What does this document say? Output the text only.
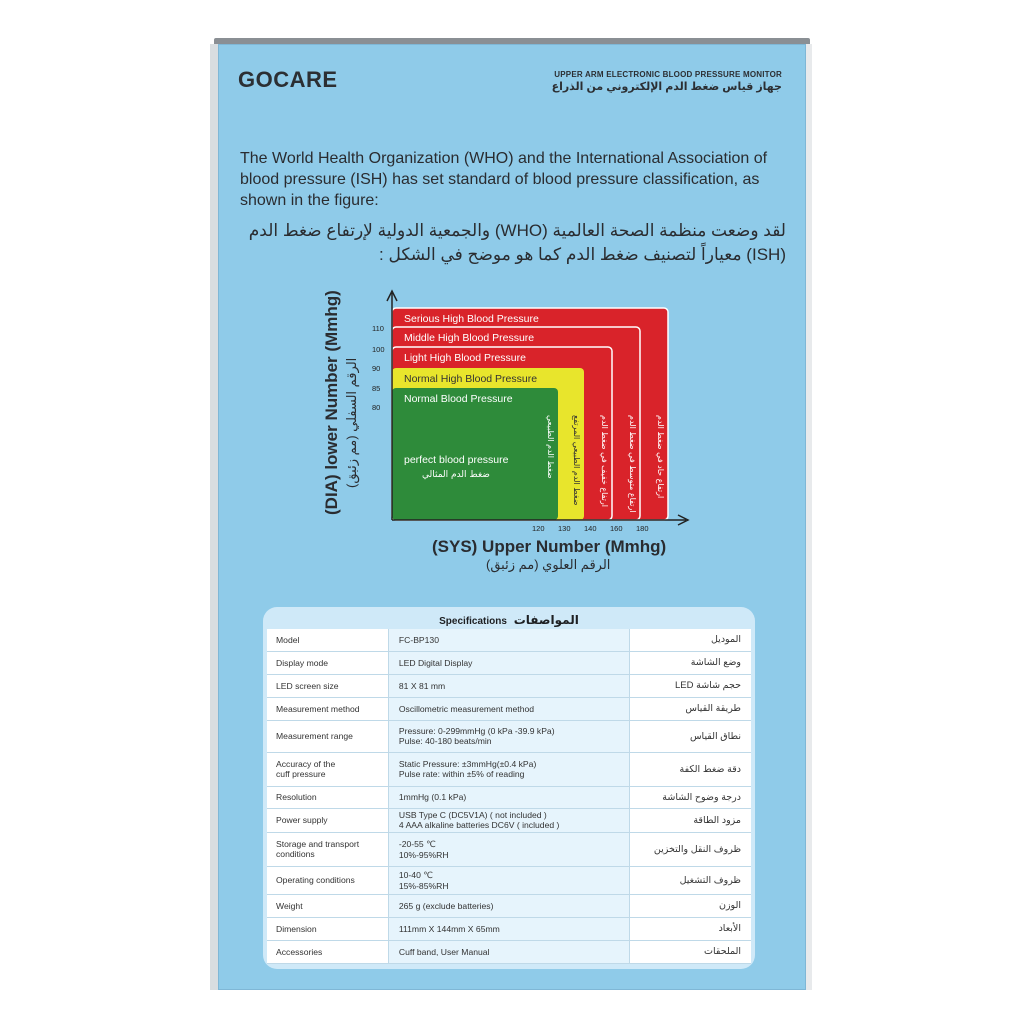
GOCARE	UPPER ARM ELECTRONIC BLOOD PRESSURE MONITOR
جهاز قياس ضغط الدم الإلكتروني من الذراع
The World Health Organization (WHO) and the International Association of blood pressure (ISH) has set standard of blood pressure classification, as shown in the figure:
لقد وضعت منظمة الصحة العالمية (WHO) والجمعية الدولية لإرتفاع ضغط الدم (ISH) معياراً لتصنيف ضغط الدم كما هو موضح في الشكل :
(DIA) lower Number (Mmhg) الرقم السفلي (مم زئبق)
Serious High Blood Pressure
Middle High Blood Pressure
Light High Blood Pressure
Normal High Blood Pressure
Normal Blood Pressure
ارتفاع حاد في ضغط الدم
ارتفاع متوسط في ضغط الدم
ارتفاع خفيف في ضغط الدم
ضغط الدم الطبيعي المرتفع
ضغط الدم الطبيعي
perfect blood pressure
ضغط الدم المثالي
80
85
90
100
110
120 130 140 160 180
(SYS) Upper Number (Mmhg)
الرقم العلوي (مم زئبق)
Specifications المواصفات
Model	FC-BP130	الموديل
Display mode	LED Digital Display	وضع الشاشة
LED screen size	81 X 81 mm	حجم شاشة LED
Measurement method	Oscillometric measurement method	طريقة القياس
Measurement range	Pressure: 0-299mmHg (0 kPa -39.9 kPa)
Pulse: 40-180 beats/min	نطاق القياس
Accuracy of the
cuff pressure	Static Pressure: ±3mmHg(±0.4 kPa)
Pulse rate: within ±5% of reading	دقة ضغط الكفة
Resolution	1mmHg (0.1 kPa)	درجة وضوح الشاشة
Power supply	USB Type C (DC5V1A) ( not included )
4 AAA alkaline batteries DC6V ( included )	مزود الطاقة
Storage and transport
conditions	-20-55 ℃
10%-95%RH	ظروف النقل والتخزين
Operating conditions	10-40 ℃
15%-85%RH	ظروف التشغيل
Weight	265 g (exclude batteries)	الوزن
Dimension	111mm X 144mm X 65mm	الأبعاد
Accessories	Cuff band, User Manual	الملحقات
